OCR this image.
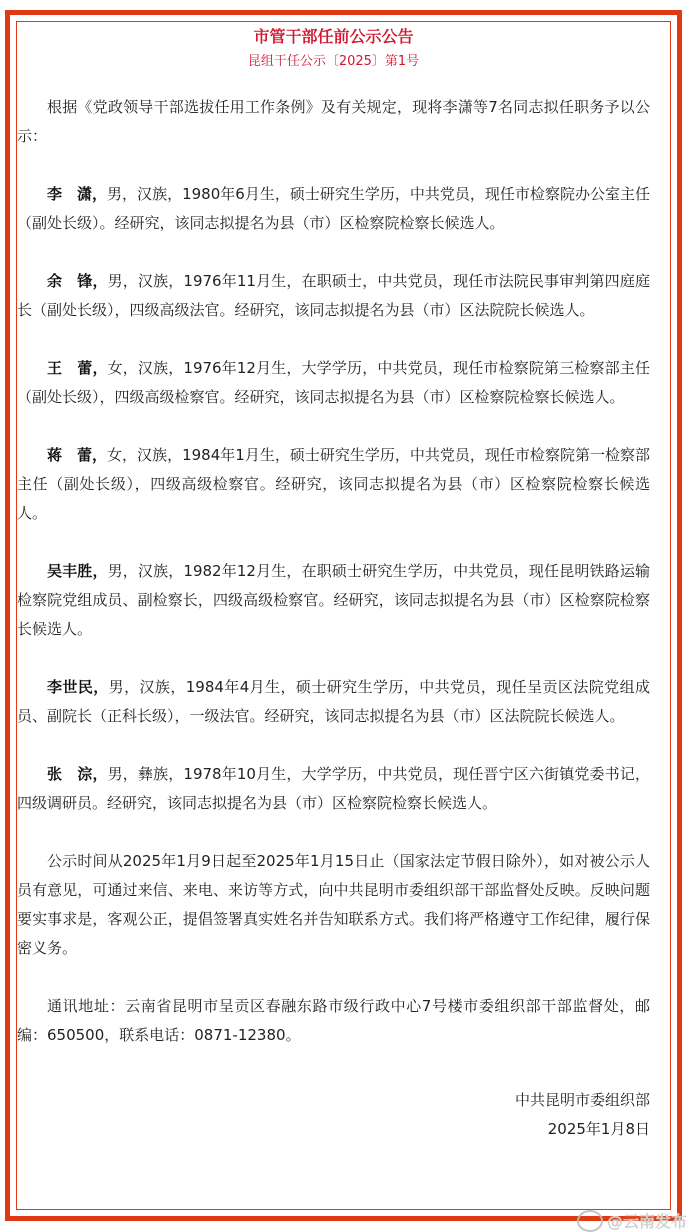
市管干部任前公示公告
昆组干任公示〔2025〕第1号

根据《党政领导干部选拔任用工作条例》及有关规定，现将李潇等7名同志拟任职务予以公示：

李　潇，男，汉族，1980年6月生，硕士研究生学历，中共党员，现任市检察院办公室主任（副处长级）。经研究，该同志拟提名为县（市）区检察院检察长候选人。

余　锋，男，汉族，1976年11月生，在职硕士，中共党员，现任市法院民事审判第四庭庭长（副处长级），四级高级法官。经研究，该同志拟提名为县（市）区法院院长候选人。

王　蕾，女，汉族，1976年12月生，大学学历，中共党员，现任市检察院第三检察部主任（副处长级），四级高级检察官。经研究，该同志拟提名为县（市）区检察院检察长候选人。

蒋　蕾，女，汉族，1984年1月生，硕士研究生学历，中共党员，现任市检察院第一检察部主任（副处长级），四级高级检察官。经研究，该同志拟提名为县（市）区检察院检察长候选人。

吴丰胜，男，汉族，1982年12月生，在职硕士研究生学历，中共党员，现任昆明铁路运输检察院党组成员、副检察长，四级高级检察官。经研究，该同志拟提名为县（市）区检察院检察长候选人。

李世民，男，汉族，1984年4月生，硕士研究生学历，中共党员，现任呈贡区法院党组成员、副院长（正科长级），一级法官。经研究，该同志拟提名为县（市）区法院院长候选人。

张　淙，男，彝族，1978年10月生，大学学历，中共党员，现任晋宁区六街镇党委书记，四级调研员。经研究，该同志拟提名为县（市）区检察院检察长候选人。

公示时间从2025年1月9日起至2025年1月15日止（国家法定节假日除外），如对被公示人员有意见，可通过来信、来电、来访等方式，向中共昆明市委组织部干部监督处反映。反映问题要实事求是，客观公正，提倡签署真实姓名并告知联系方式。我们将严格遵守工作纪律，履行保密义务。

通讯地址：云南省昆明市呈贡区春融东路市级行政中心7号楼市委组织部干部监督处，邮编：650500，联系电话：0871-12380。

中共昆明市委组织部
2025年1月8日
@云南发布
